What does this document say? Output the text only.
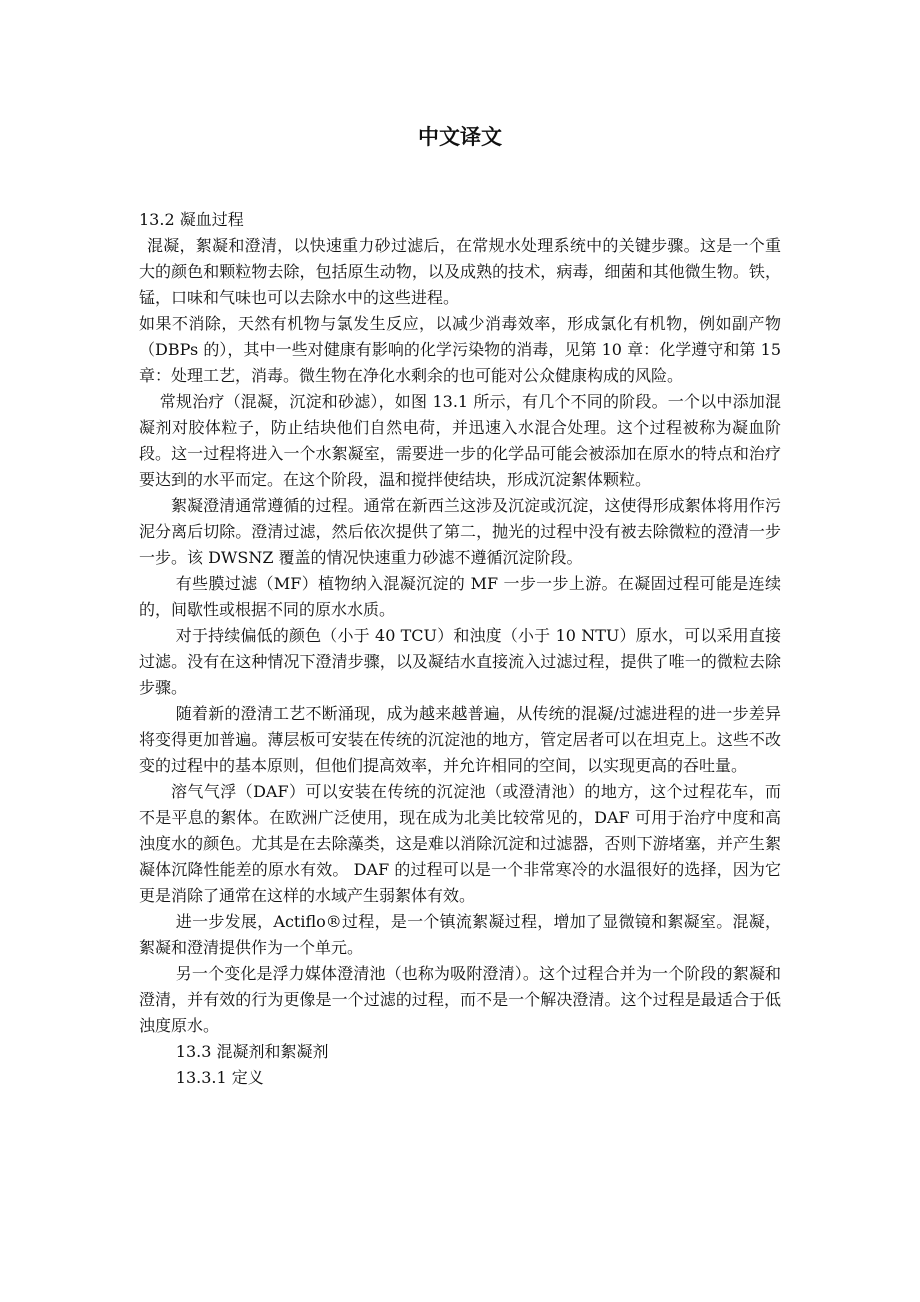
中文译文

13.2 凝血过程

混凝，絮凝和澄清，以快速重力砂过滤后，在常规水处理系统中的关键步骤。这是一个重大的颜色和颗粒物去除，包括原生动物，以及成熟的技术，病毒，细菌和其他微生物。铁，锰，口味和气味也可以去除水中的这些进程。

如果不消除，天然有机物与氯发生反应，以减少消毒效率，形成氯化有机物，例如副产物（DBPs 的），其中一些对健康有影响的化学污染物的消毒，见第 10 章：化学遵守和第 15 章：处理工艺，消毒。微生物在净化水剩余的也可能对公众健康构成的风险。

常规治疗（混凝，沉淀和砂滤），如图 13.1 所示，有几个不同的阶段。一个以中添加混凝剂对胶体粒子，防止结块他们自然电荷，并迅速入水混合处理。这个过程被称为凝血阶段。这一过程将进入一个水絮凝室，需要进一步的化学品可能会被添加在原水的特点和治疗要达到的水平而定。在这个阶段，温和搅拌使结块，形成沉淀絮体颗粒。

絮凝澄清通常遵循的过程。通常在新西兰这涉及沉淀或沉淀，这使得形成絮体将用作污泥分离后切除。澄清过滤，然后依次提供了第二，抛光的过程中没有被去除微粒的澄清一步一步。该 DWSNZ 覆盖的情况快速重力砂滤不遵循沉淀阶段。

有些膜过滤（MF）植物纳入混凝沉淀的 MF 一步一步上游。在凝固过程可能是连续的，间歇性或根据不同的原水水质。

对于持续偏低的颜色（小于 40 TCU）和浊度（小于 10 NTU）原水，可以采用直接过滤。没有在这种情况下澄清步骤，以及凝结水直接流入过滤过程，提供了唯一的微粒去除步骤。

随着新的澄清工艺不断涌现，成为越来越普遍，从传统的混凝/过滤进程的进一步差异将变得更加普遍。薄层板可安装在传统的沉淀池的地方，管定居者可以在坦克上。这些不改变的过程中的基本原则，但他们提高效率，并允许相同的空间，以实现更高的吞吐量。

溶气气浮（DAF）可以安装在传统的沉淀池（或澄清池）的地方，这个过程花车，而不是平息的絮体。在欧洲广泛使用，现在成为北美比较常见的，DAF 可用于治疗中度和高浊度水的颜色。尤其是在去除藻类，这是难以消除沉淀和过滤器，否则下游堵塞，并产生絮凝体沉降性能差的原水有效。 DAF 的过程可以是一个非常寒冷的水温很好的选择，因为它更是消除了通常在这样的水域产生弱絮体有效。

进一步发展，Actiflo®过程，是一个镇流絮凝过程，增加了显微镜和絮凝室。混凝，絮凝和澄清提供作为一个单元。

另一个变化是浮力媒体澄清池（也称为吸附澄清）。这个过程合并为一个阶段的絮凝和澄清，并有效的行为更像是一个过滤的过程，而不是一个解决澄清。这个过程是最适合于低浊度原水。

13.3 混凝剂和絮凝剂

13.3.1 定义
